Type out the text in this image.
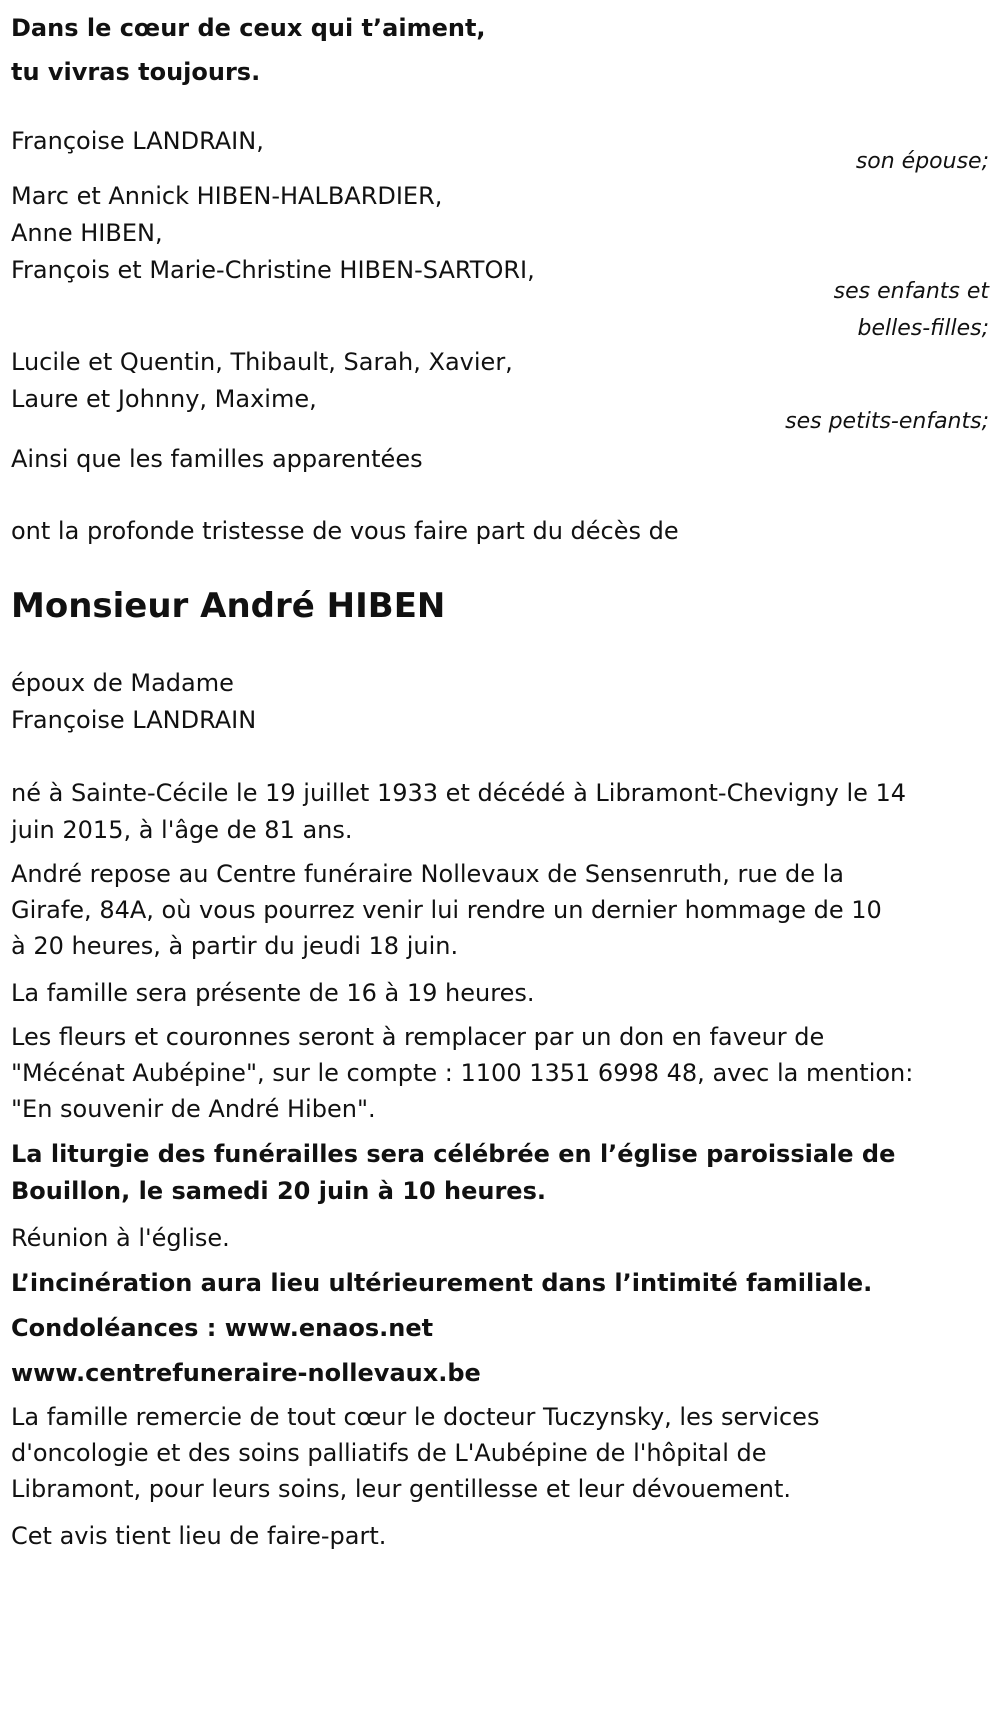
Dans le cœur de ceux qui t’aiment,
tu vivras toujours.
Françoise LANDRAIN,
son épouse;
Marc et Annick HIBEN-HALBARDIER,
Anne HIBEN,
François et Marie-Christine HIBEN-SARTORI,
ses enfants et
belles-filles;
Lucile et Quentin, Thibault, Sarah, Xavier,
Laure et Johnny, Maxime,
ses petits-enfants;
Ainsi que les familles apparentées
ont la profonde tristesse de vous faire part du décès de
Monsieur André HIBEN
époux de Madame
Françoise LANDRAIN
né à Sainte-Cécile le 19 juillet 1933 et décédé à Libramont-Chevigny le 14
juin 2015, à l'âge de 81 ans.
André repose au Centre funéraire Nollevaux de Sensenruth, rue de la
Girafe, 84A, où vous pourrez venir lui rendre un dernier hommage de 10
à 20 heures, à partir du jeudi 18 juin.
La famille sera présente de 16 à 19 heures.
Les fleurs et couronnes seront à remplacer par un don en faveur de
"Mécénat Aubépine", sur le compte : 1100 1351 6998 48, avec la mention:
"En souvenir de André Hiben".
La liturgie des funérailles sera célébrée en l’église paroissiale de
Bouillon, le samedi 20 juin à 10 heures.
Réunion à l'église.
L’incinération aura lieu ultérieurement dans l’intimité familiale.
Condoléances : www.enaos.net
www.centrefuneraire-nollevaux.be
La famille remercie de tout cœur le docteur Tuczynsky, les services
d'oncologie et des soins palliatifs de L'Aubépine de l'hôpital de
Libramont, pour leurs soins, leur gentillesse et leur dévouement.
Cet avis tient lieu de faire-part.
